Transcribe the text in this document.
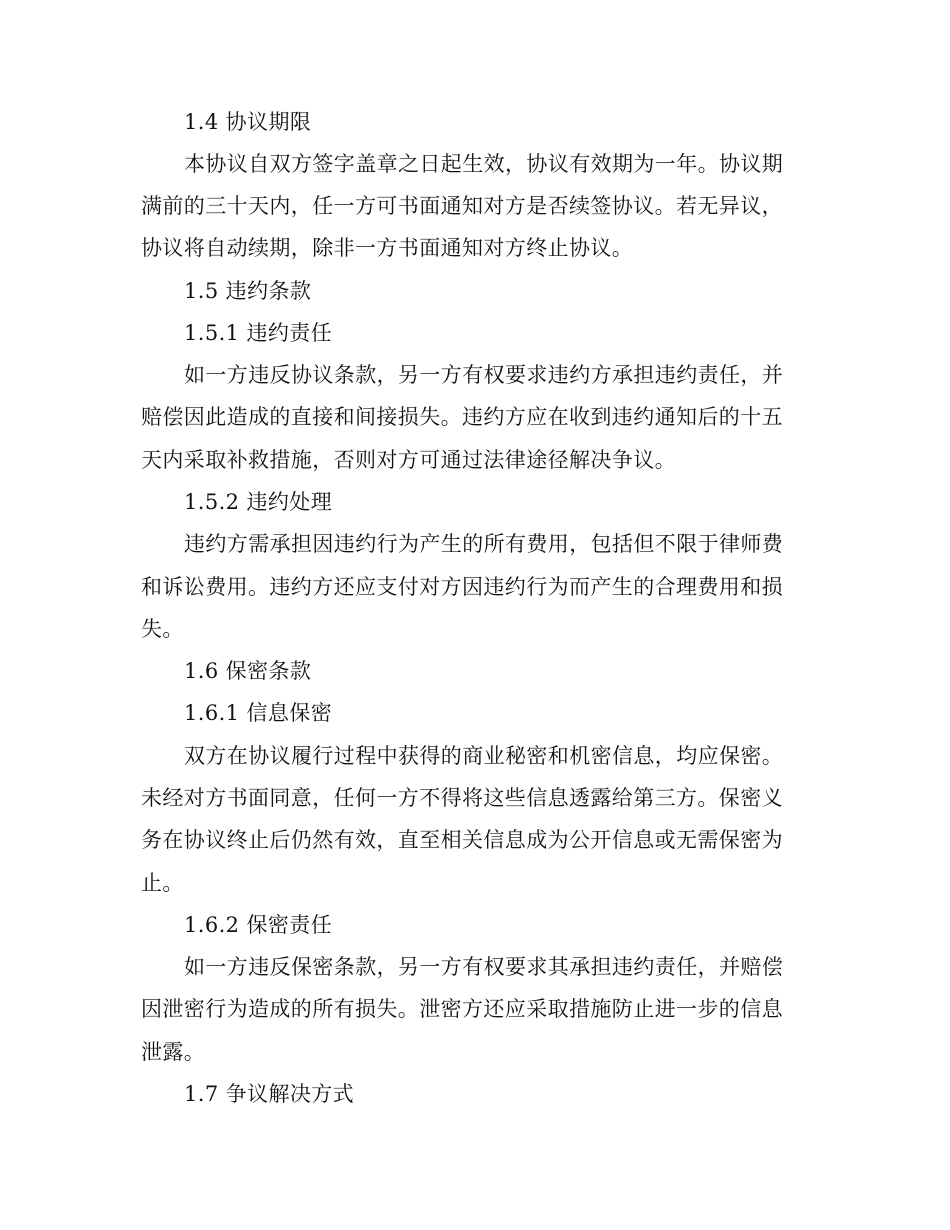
1.4 协议期限
本协议自双方签字盖章之日起生效，协议有效期为一年。协议期
满前的三十天内，任一方可书面通知对方是否续签协议。若无异议，
协议将自动续期，除非一方书面通知对方终止协议。
1.5 违约条款
1.5.1 违约责任
如一方违反协议条款，另一方有权要求违约方承担违约责任，并
赔偿因此造成的直接和间接损失。违约方应在收到违约通知后的十五
天内采取补救措施，否则对方可通过法律途径解决争议。
1.5.2 违约处理
违约方需承担因违约行为产生的所有费用，包括但不限于律师费
和诉讼费用。违约方还应支付对方因违约行为而产生的合理费用和损
失。
1.6 保密条款
1.6.1 信息保密
双方在协议履行过程中获得的商业秘密和机密信息，均应保密。
未经对方书面同意，任何一方不得将这些信息透露给第三方。保密义
务在协议终止后仍然有效，直至相关信息成为公开信息或无需保密为
止。
1.6.2 保密责任
如一方违反保密条款，另一方有权要求其承担违约责任，并赔偿
因泄密行为造成的所有损失。泄密方还应采取措施防止进一步的信息
泄露。
1.7 争议解决方式
